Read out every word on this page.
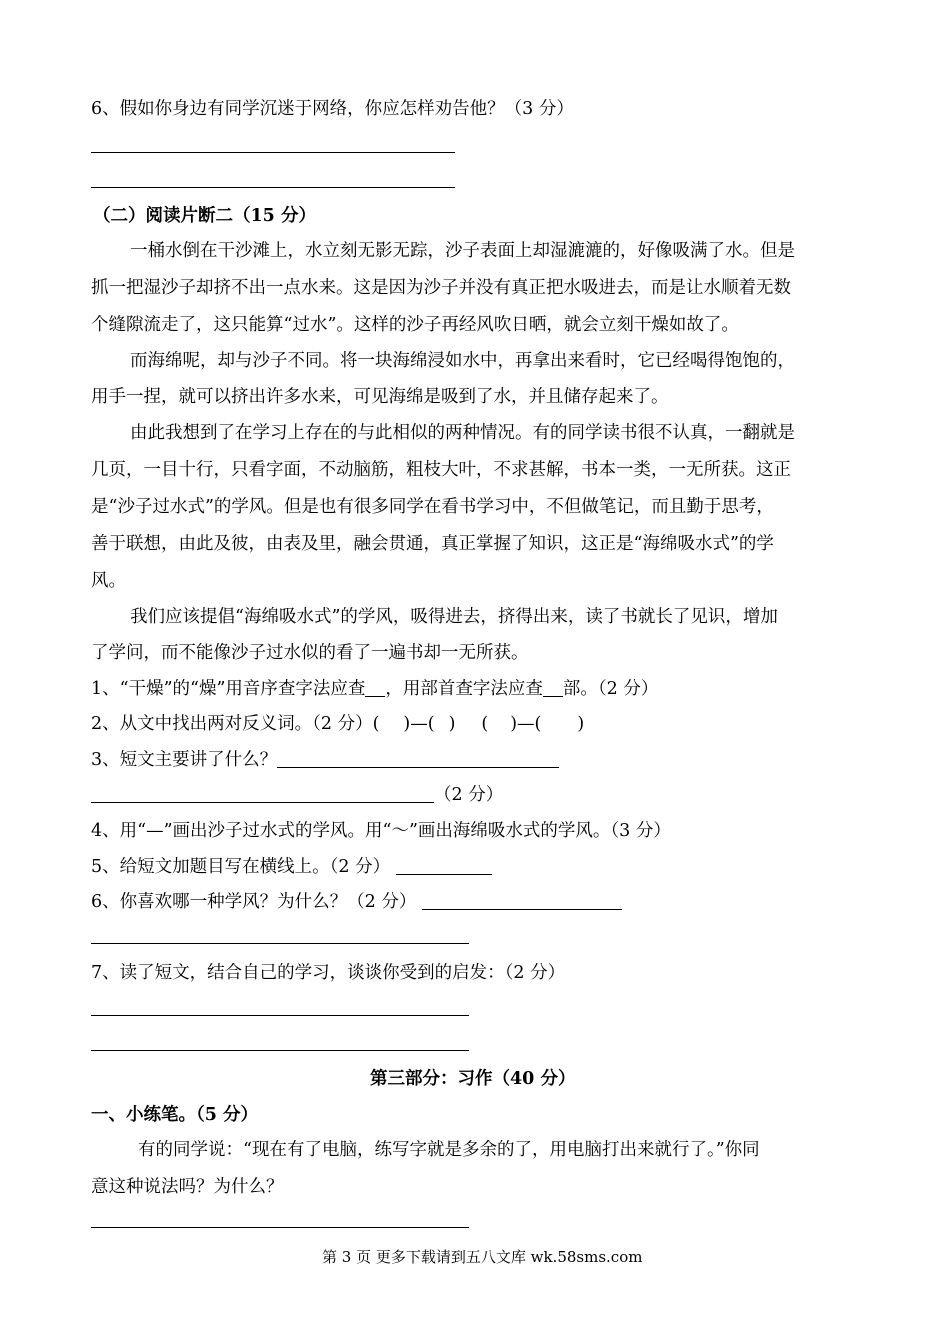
6、假如你身边有同学沉迷于网络，你应怎样劝告他？（3 分）
（二）阅读片断二（15 分）
一桶水倒在干沙滩上，水立刻无影无踪，沙子表面上却湿漉漉的，好像吸满了水。但是
抓一把湿沙子却挤不出一点水来。这是因为沙子并没有真正把水吸进去，而是让水顺着无数
个缝隙流走了，这只能算“过水”。这样的沙子再经风吹日晒，就会立刻干燥如故了。
而海绵呢，却与沙子不同。将一块海绵浸如水中，再拿出来看时，它已经喝得饱饱的，
用手一捏，就可以挤出许多水来，可见海绵是吸到了水，并且储存起来了。
由此我想到了在学习上存在的与此相似的两种情况。有的同学读书很不认真，一翻就是
几页，一目十行，只看字面，不动脑筋，粗枝大叶，不求甚解，书本一类，一无所获。这正
是“沙子过水式”的学风。但是也有很多同学在看书学习中，不但做笔记，而且勤于思考，
善于联想，由此及彼，由表及里，融会贯通，真正掌握了知识，这正是“海绵吸水式”的学
风。
我们应该提倡“海绵吸水式”的学风，吸得进去，挤得出来，读了书就长了见识，增加
了学问，而不能像沙子过水似的看了一遍书却一无所获。
1、“干燥”的“燥”用音序查字法应查 ，用部首查字法应查 部。（2 分）
2、从文中找出两对反义词。（2 分）( )—( ) ( )—( )
3、短文主要讲了什么？
（2 分）
4、用“—”画出沙子过水式的学风。用“～”画出海绵吸水式的学风。（3 分）
5、给短文加题目写在横线上。（2 分）
6、你喜欢哪一种学风？为什么？（2 分）
7、读了短文，结合自己的学习，谈谈你受到的启发：（2 分）
第三部分：习作（40 分）
一、小练笔。（5 分）
有的同学说：“现在有了电脑，练写字就是多余的了，用电脑打出来就行了。”你同
意这种说法吗？为什么？
第 3 页 更多下载请到五八文库 wk.58sms.com
